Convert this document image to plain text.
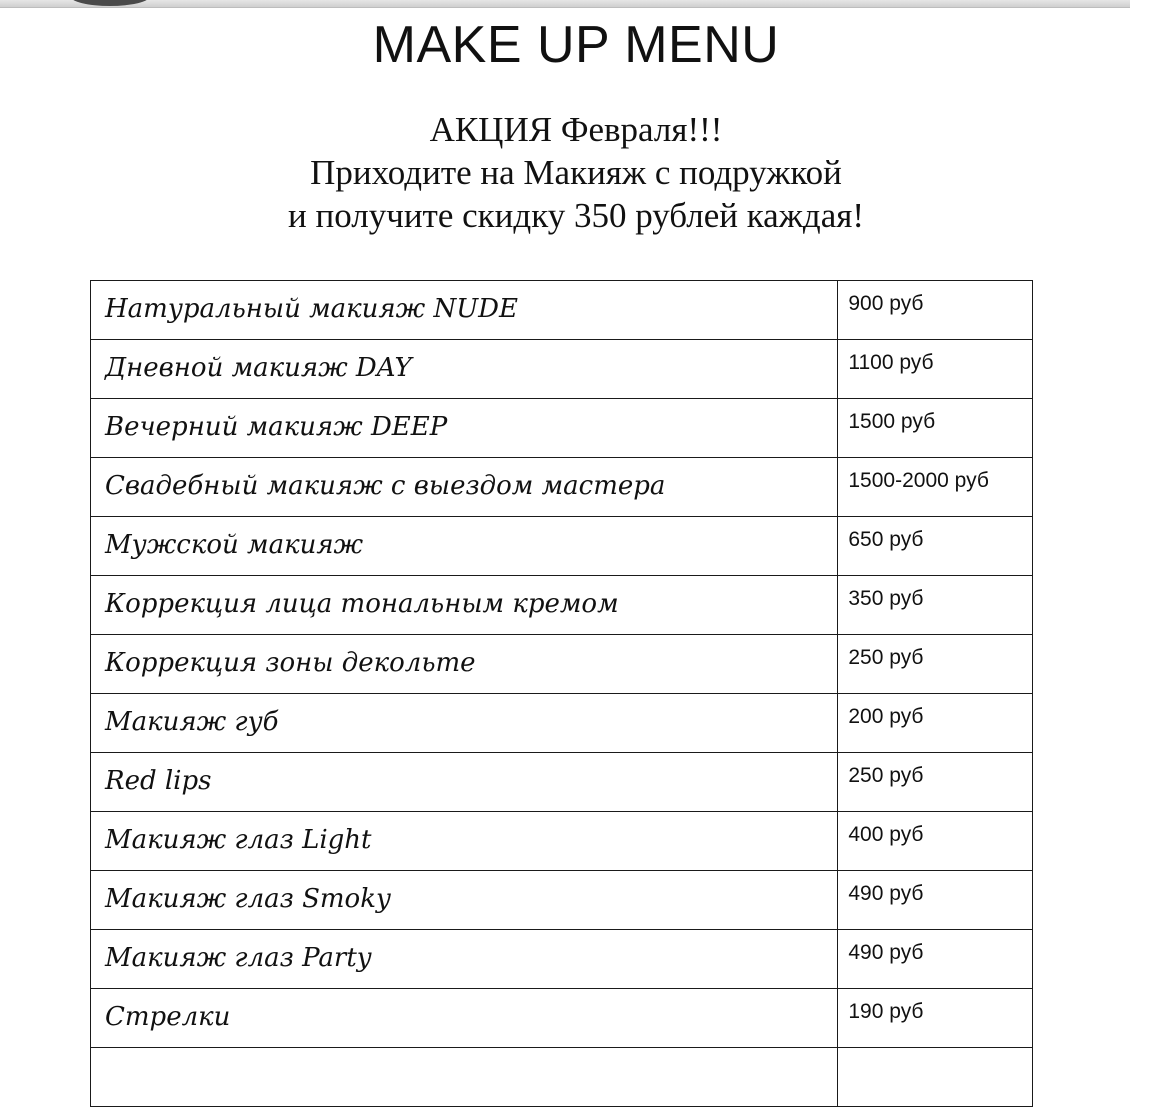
MAKE UP MENU
АКЦИЯ Февраля!!!
Приходите на Макияж с подружкой
и получите скидку 350 рублей каждая!
Натуральный макияж NUDE	900 руб

Дневной макияж DAY	1100 руб

Вечерний макияж DEEP	1500 руб

Свадебный макияж с выездом мастера	1500-2000 руб

Мужской макияж	650 руб

Коррекция лица тональным кремом	350 руб

Коррекция зоны декольте	250 руб

Макияж губ	200 руб

Red lips	250 руб

Макияж глаз Light	400 руб

Макияж глаз Smoky	490 руб

Макияж глаз Party	490 руб

Стрелки	190 руб
